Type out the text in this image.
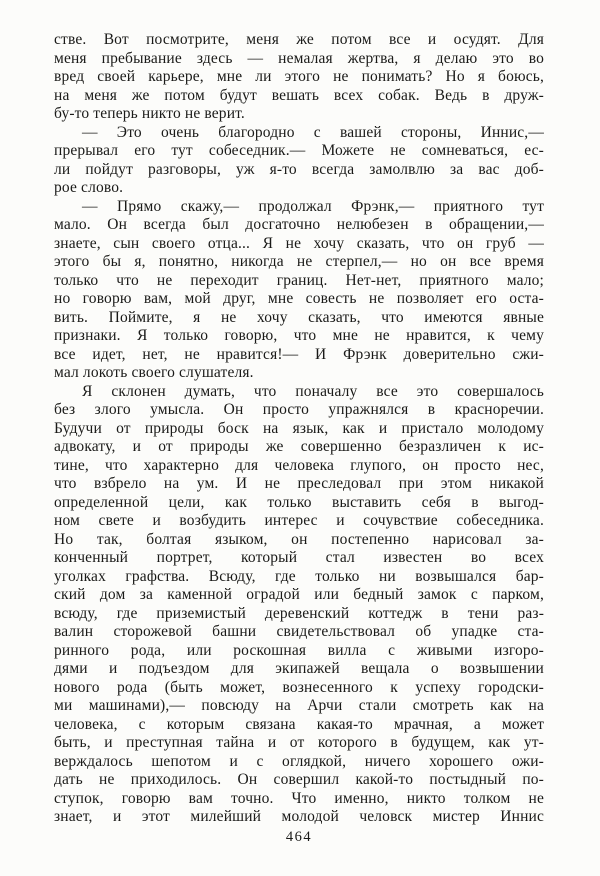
стве. Вот посмотрите, меня же потом все и осудят. Для
меня пребывание здесь — немалая жертва, я делаю это во
вред своей карьере, мне ли этого не понимать? Но я боюсь,
на меня же потом будут вешать всех собак. Ведь в друж-
бу-то теперь никто не верит.
— Это очень благородно с вашей стороны, Иннис,—
прерывал его тут собеседник.— Можете не сомневаться, ес-
ли пойдут разговоры, уж я-то всегда замолвлю за вас доб-
рое слово.
— Прямо скажу,— продолжал Фрэнк,— приятного тут
мало. Он всегда был досгаточно нелюбезен в обращении,—
знаете, сын своего отца... Я не хочу сказать, что он груб —
этого бы я, понятно, никогда не стерпел,— но он все время
только что не переходит границ. Нет-нет, приятного мало;
но говорю вам, мой друг, мне совесть не позволяет его оста-
вить. Поймите, я не хочу сказать, что имеются явные
признаки. Я только говорю, что мне не нравится, к чему
все идет, нет, не нравится!— И Фрэнк доверительно сжи-
мал локоть своего слушателя.
Я склонен думать, что поначалу все это совершалось
без злого умысла. Он просто упражнялся в красноречии.
Будучи от природы боск на язык, как и пристало молодому
адвокату, и от природы же совершенно безразличен к ис-
тине, что характерно для человека глупого, он просто нес,
что взбрело на ум. И не преследовал при этом никакой
определенной цели, как только выставить себя в выгод-
ном свете и возбудить интерес и сочувствие собеседника.
Но так, болтая языком, он постепенно нарисовал за-
конченный портрет, который стал известен во всех
уголках графства. Всюду, где только ни возвышался бар-
ский дом за каменной оградой или бедный замок с парком,
всюду, где приземистый деревенский коттедж в тени раз-
валин сторожевой башни свидетельствовал об упадке ста-
ринного рода, или роскошная вилла с живыми изгоро-
дями и подъездом для экипажей вещала о возвышении
нового рода (быть может, вознесенного к успеху городски-
ми машинами),— повсюду на Арчи стали смотреть как на
человека, с которым связана какая-то мрачная, а может
быть, и преступная тайна и от которого в будущем, как ут-
верждалось шепотом и с оглядкой, ничего хорошего ожи-
дать не приходилось. Он совершил какой-то постыдный по-
ступок, говорю вам точно. Что именно, никто толком не
знает, и этот милейший молодой человск мистер Иннис
464
